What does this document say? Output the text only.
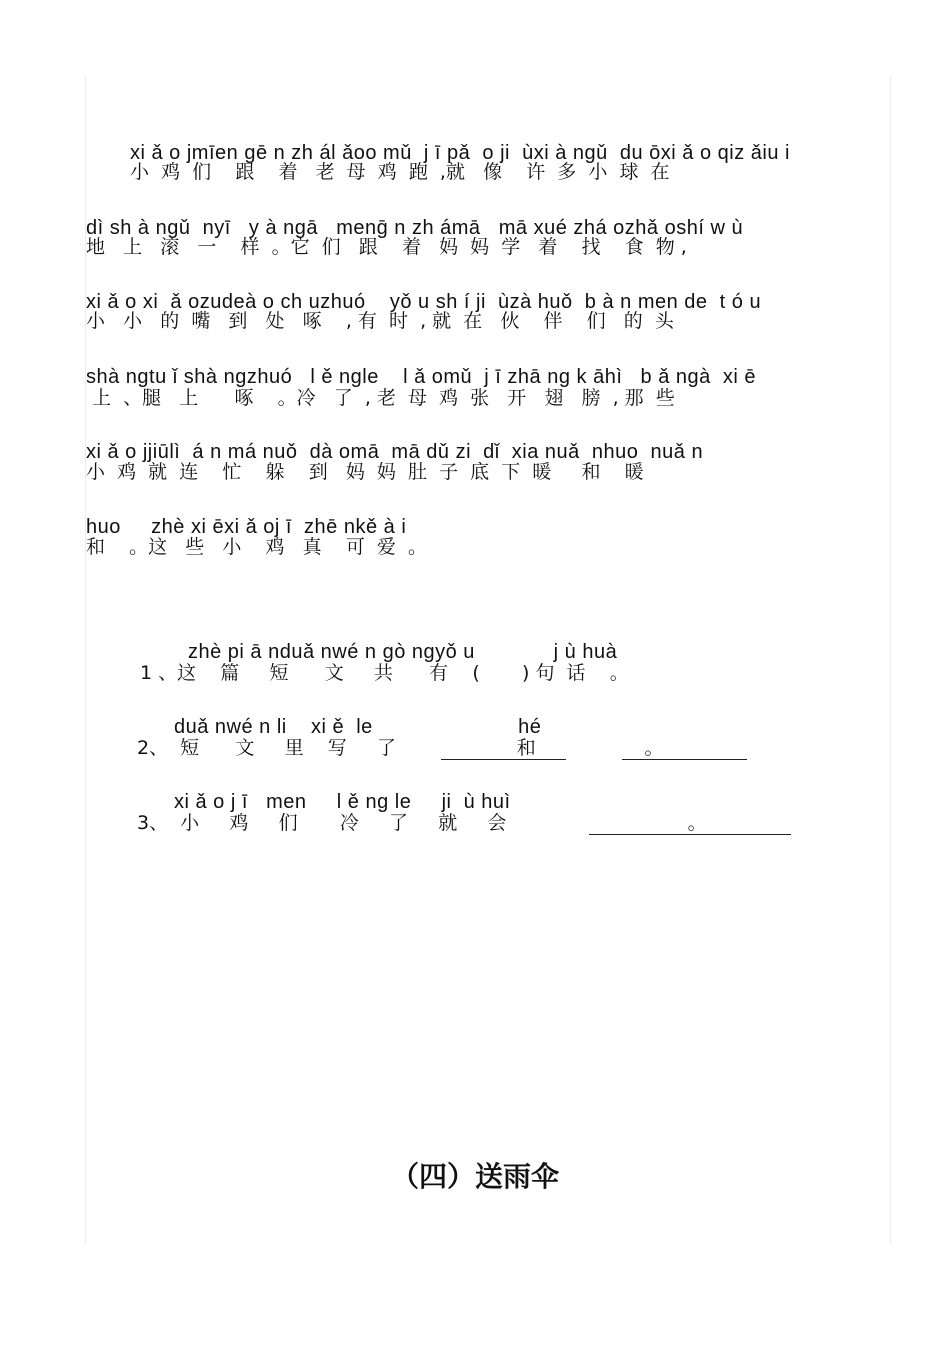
xi ǎ o jmīen gē n zh ál ǎoo mǔ  j ī pǎ  o ji  ùxi à ngǔ  du ōxi ǎ o qiz ǎiu i

小  鸡  们    跟    着   老  母  鸡  跑  ,就   像    许  多  小  球  在

dì sh à ngǔ  nyī   y à ngā   menḡ n zh ámā   mā xué zhá ozhǎ oshí w ù

地   上   滚   一    样  。它  们   跟    着   妈  妈  学   着    找    食  物 ,

xi ǎ o xi  ǎ ozudeà o ch uzhuó    yǒ u sh í ji  ùzà huǒ  b à n men de  t ó u

小   小   的  嘴   到   处   啄    , 有  时  , 就  在   伙    伴    们   的  头

shà ngtu ǐ shà ngzhuó   l ě ngle    l ǎ omǔ  j ī zhā ng k āhì   b ǎ ngà  xi ē

上  、腿   上      啄    。冷   了  , 老  母  鸡  张   开   翅   膀  , 那  些

xi ǎ o jjiūlì  á n má nuǒ  dà omā  mā dǔ zi  dǐ  xia nuǎ  nhuo  nuǎ n

小  鸡  就  连    忙    躲    到   妈  妈  肚  子  底  下  暖     和    暖

huo     zhè xi ēxi ǎ oj ī  zhē nkě à i

和    。这   些   小    鸡   真    可  爱  。

zhè pi ā nduǎ nwé n gò ngyǒ u             j ù huà

1 、这    篇     短      文     共      有    (       ) 句  话    。

duǎ nwé n li    xi ě  le                        hé

2、  短      文     里    写     了                    和                  。

xi ǎ o j ī   men     l ě ng le     ji  ù huì

3、  小     鸡     们       冷     了     就     会                              。

（四）送雨伞
